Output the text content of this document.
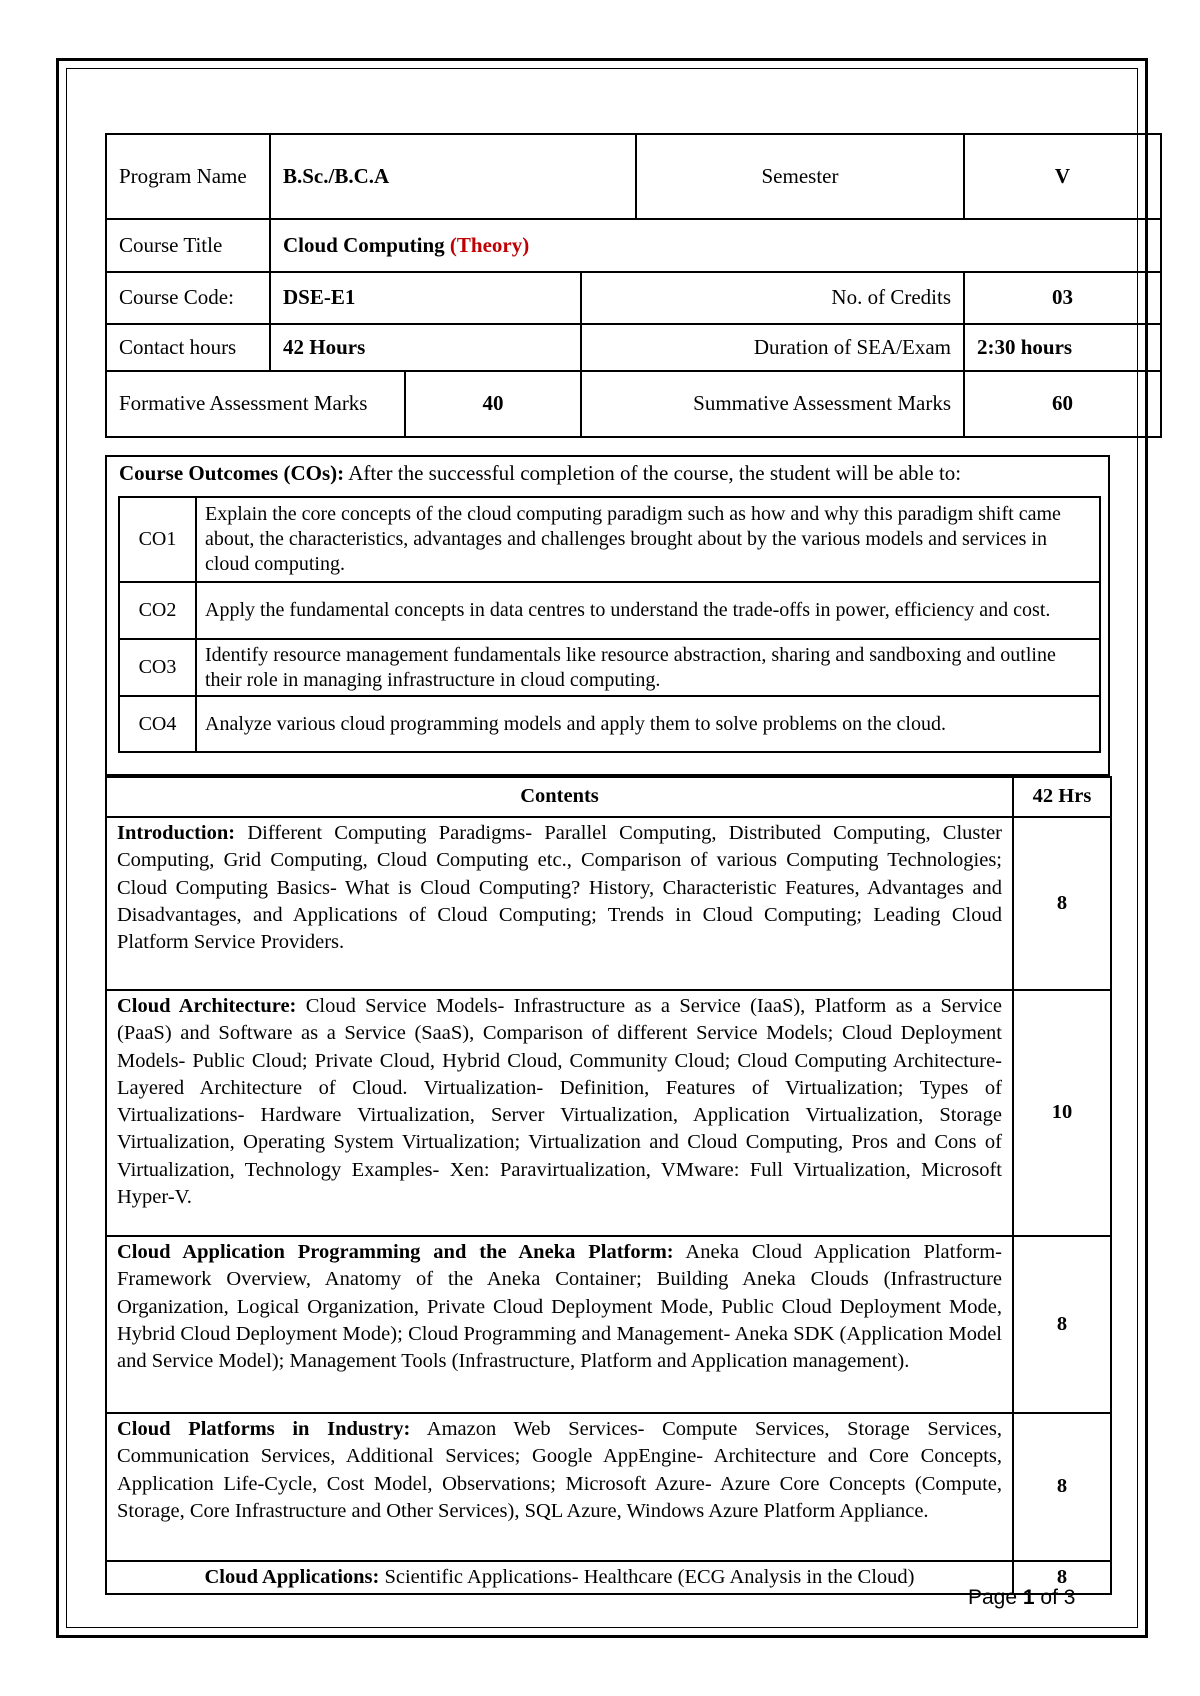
Program Name	B.Sc./B.C.A			Semester	V
Course Title	Cloud Computing (Theory)				
Course Code:	DSE-E1		No. of Credits		03
Contact hours	42 Hours		Duration of SEA/Exam		2:30 hours
Formative Assessment Marks		40	Summative Assessment Marks		60
Course Outcomes (COs): After the successful completion of the course, the student will be able to:
CO1	Explain the core concepts of the cloud computing paradigm such as how and why this paradigm shift came about, the characteristics, advantages and challenges brought about by the various models and services in cloud computing.
CO2	Apply the fundamental concepts in data centres to understand the trade-offs in power, efficiency and cost.
CO3	Identify resource management fundamentals like resource abstraction, sharing and sandboxing and outline their role in managing infrastructure in cloud computing.
CO4	Analyze various cloud programming models and apply them to solve problems on the cloud.
Contents	42 Hrs
Introduction: Different Computing Paradigms- Parallel Computing, Distributed Computing, Cluster Computing, Grid Computing, Cloud Computing etc., Comparison of various Computing Technologies; Cloud Computing Basics- What is Cloud Computing? History, Characteristic Features, Advantages and Disadvantages, and Applications of Cloud Computing; Trends in Cloud Computing; Leading Cloud Platform Service Providers.	8
Cloud Architecture: Cloud Service Models- Infrastructure as a Service (IaaS), Platform as a Service (PaaS) and Software as a Service (SaaS), Comparison of different Service Models; Cloud Deployment Models- Public Cloud; Private Cloud, Hybrid Cloud, Community Cloud; Cloud Computing Architecture- Layered Architecture of Cloud. Virtualization- Definition, Features of Virtualization; Types of Virtualizations- Hardware Virtualization, Server Virtualization, Application Virtualization, Storage Virtualization, Operating System Virtualization; Virtualization and Cloud Computing, Pros and Cons of Virtualization, Technology Examples- Xen: Paravirtualization, VMware: Full Virtualization, Microsoft Hyper-V.	10
Cloud Application Programming and the Aneka Platform: Aneka Cloud Application Platform- Framework Overview, Anatomy of the Aneka Container; Building Aneka Clouds (Infrastructure Organization, Logical Organization, Private Cloud Deployment Mode, Public Cloud Deployment Mode, Hybrid Cloud Deployment Mode); Cloud Programming and Management- Aneka SDK (Application Model and Service Model); Management Tools (Infrastructure, Platform and Application management).	8
Cloud Platforms in Industry: Amazon Web Services- Compute Services, Storage Services, Communication Services, Additional Services; Google AppEngine- Architecture and Core Concepts, Application Life-Cycle, Cost Model, Observations; Microsoft Azure- Azure Core Concepts (Compute, Storage, Core Infrastructure and Other Services), SQL Azure, Windows Azure Platform Appliance.	8
Cloud Applications: Scientific Applications- Healthcare (ECG Analysis in the Cloud)	8
Page 1 of 3
